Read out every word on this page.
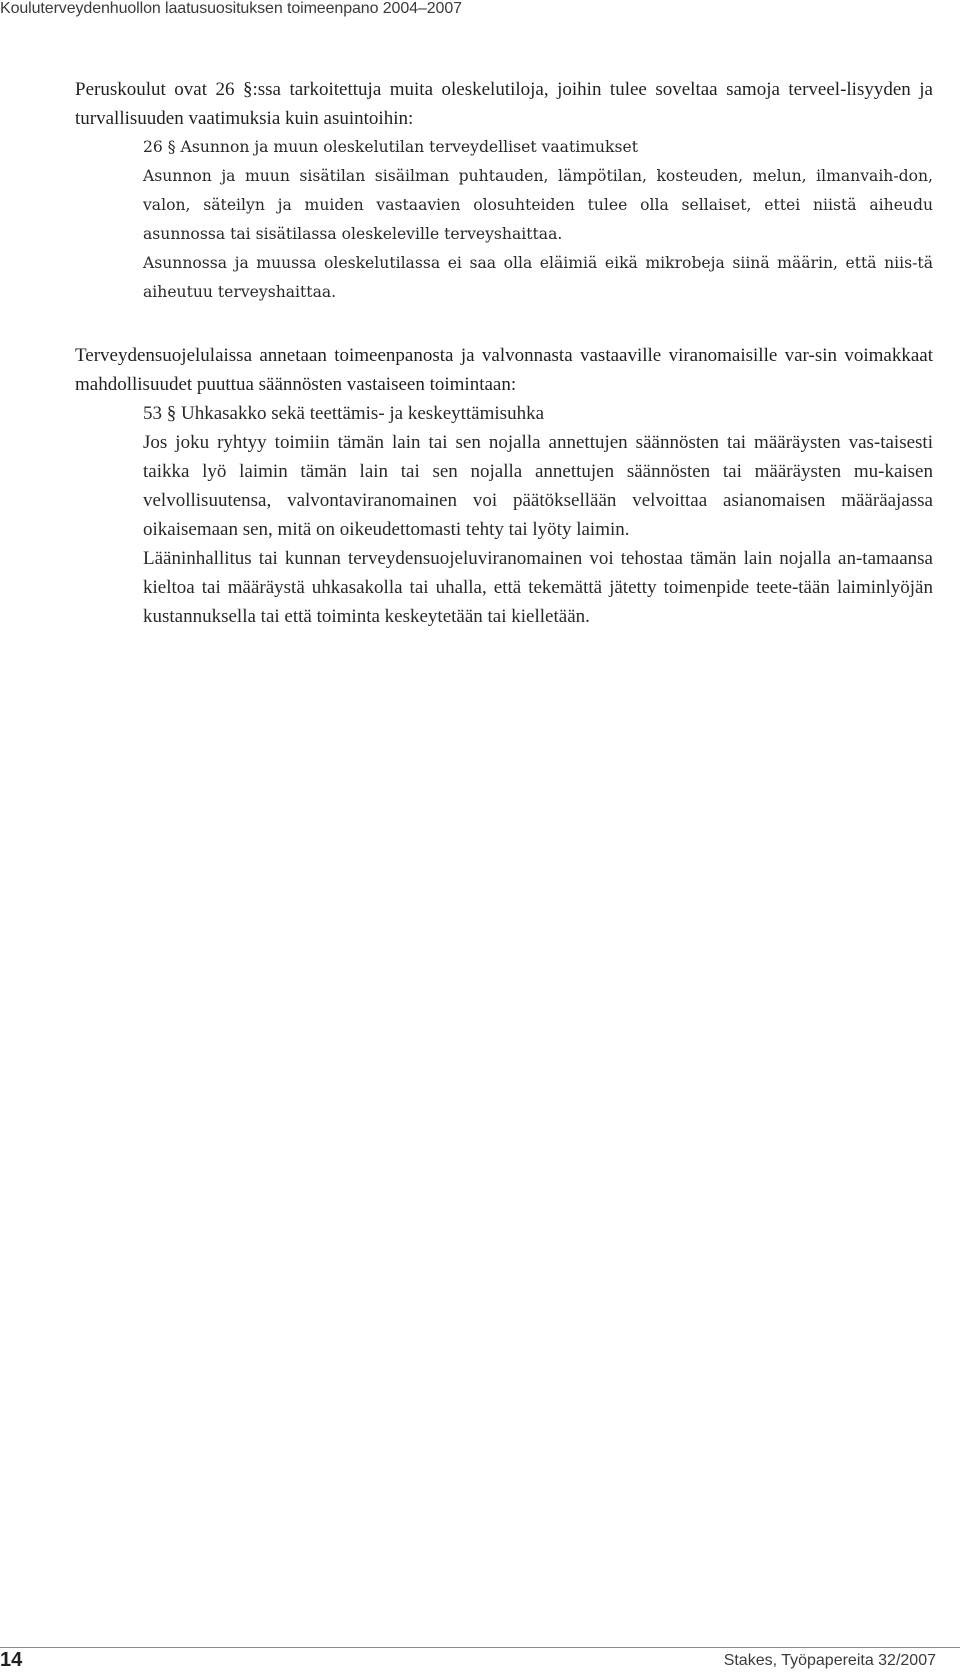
Kouluterveydenhuollon laatusuosituksen toimeenpano 2004–2007

Peruskoulut ovat 26 §:ssa tarkoitettuja muita oleskelutiloja, joihin tulee soveltaa samoja terveel-lisyyden ja turvallisuuden vaatimuksia kuin asuintoihin:

26 § Asunnon ja muun oleskelutilan terveydelliset vaatimukset

Asunnon ja muun sisätilan sisäilman puhtauden, lämpötilan, kosteuden, melun, ilmanvaih-don, valon, säteilyn ja muiden vastaavien olosuhteiden tulee olla sellaiset, ettei niistä aiheudu asunnossa tai sisätilassa oleskeleville terveyshaittaa.

Asunnossa ja muussa oleskelutilassa ei saa olla eläimiä eikä mikrobeja siinä määrin, että niis-tä aiheutuu terveyshaittaa.

Terveydensuojelulaissa annetaan toimeenpanosta ja valvonnasta vastaaville viranomaisille var-sin voimakkaat mahdollisuudet puuttua säännösten vastaiseen toimintaan:

53 § Uhkasakko sekä teettämis- ja keskeyttämisuhka

Jos joku ryhtyy toimiin tämän lain tai sen nojalla annettujen säännösten tai määräysten vas-taisesti taikka lyö laimin tämän lain tai sen nojalla annettujen säännösten tai määräysten mu-kaisen velvollisuutensa, valvontaviranomainen voi päätöksellään velvoittaa asianomaisen määräajassa oikaisemaan sen, mitä on oikeudettomasti tehty tai lyöty laimin.

Lääninhallitus tai kunnan terveydensuojeluviranomainen voi tehostaa tämän lain nojalla an-tamaansa kieltoa tai määräystä uhkasakolla tai uhalla, että tekemättä jätetty toimenpide teete-tään laiminlyöjän kustannuksella tai että toiminta keskeytetään tai kielletään.

14	Stakes, Työpapereita 32/2007
